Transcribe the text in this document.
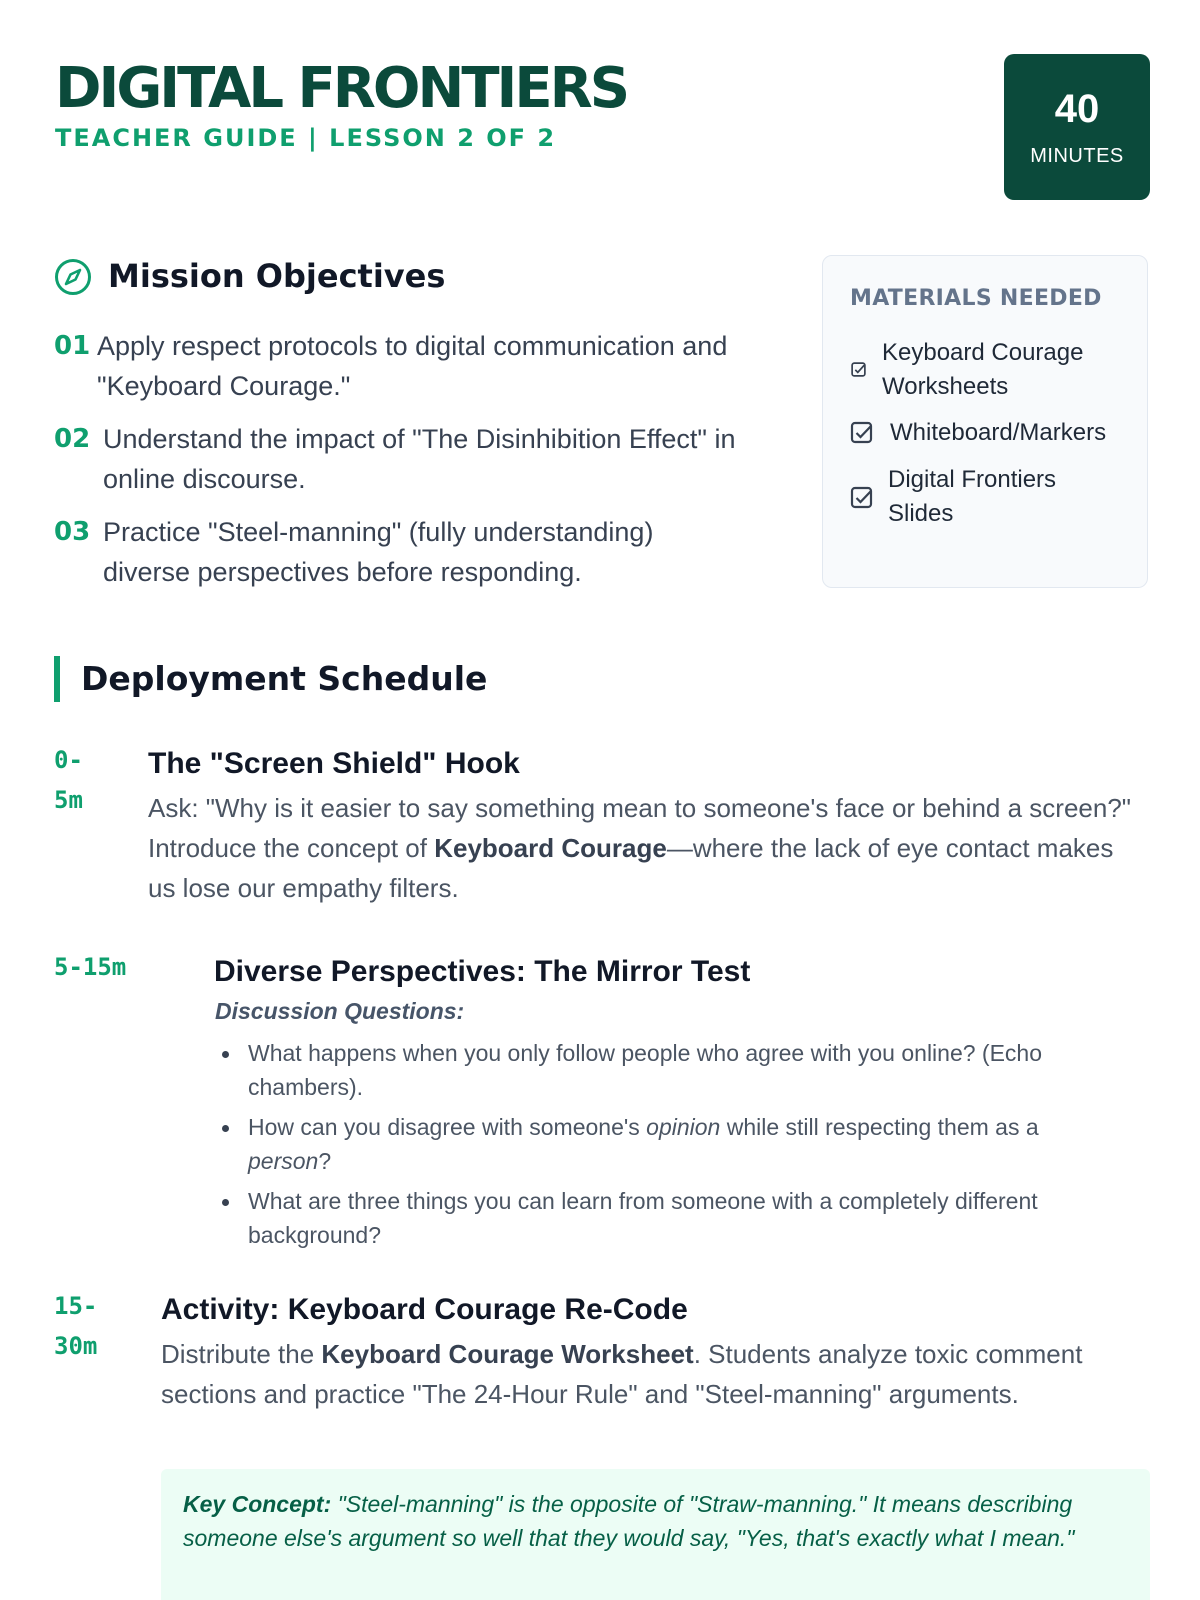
DIGITAL FRONTIERS
TEACHER GUIDE | LESSON 2 OF 2
40
MINUTES
Mission Objectives
01 Apply respect protocols to digital communication and "Keyboard Courage."
02 Understand the impact of "The Disinhibition Effect" in online discourse.
03 Practice "Steel-manning" (fully understanding) diverse perspectives before responding.
MATERIALS NEEDED
Keyboard Courage Worksheets
Whiteboard/Markers
Digital Frontiers Slides
Deployment Schedule

0-
5m

The "Screen Shield" Hook

Ask: "Why is it easier to say something mean to someone's face or behind a screen?" Introduce the concept of Keyboard Courage—where the lack of eye contact makes us lose our empathy filters.

5-15m	Diverse Perspectives: The Mirror Test

Discussion Questions:

What happens when you only follow people who agree with you online? (Echo chambers).
How can you disagree with someone's opinion while still respecting them as a person?
What are three things you can learn from someone with a completely different background?

15-
30m

Activity: Keyboard Courage Re-Code

Distribute the Keyboard Courage Worksheet. Students analyze toxic comment sections and practice "The 24-Hour Rule" and "Steel-manning" arguments.

Key Concept: "Steel-manning" is the opposite of "Straw-manning." It means describing someone else's argument so well that they would say, "Yes, that's exactly what I mean."
